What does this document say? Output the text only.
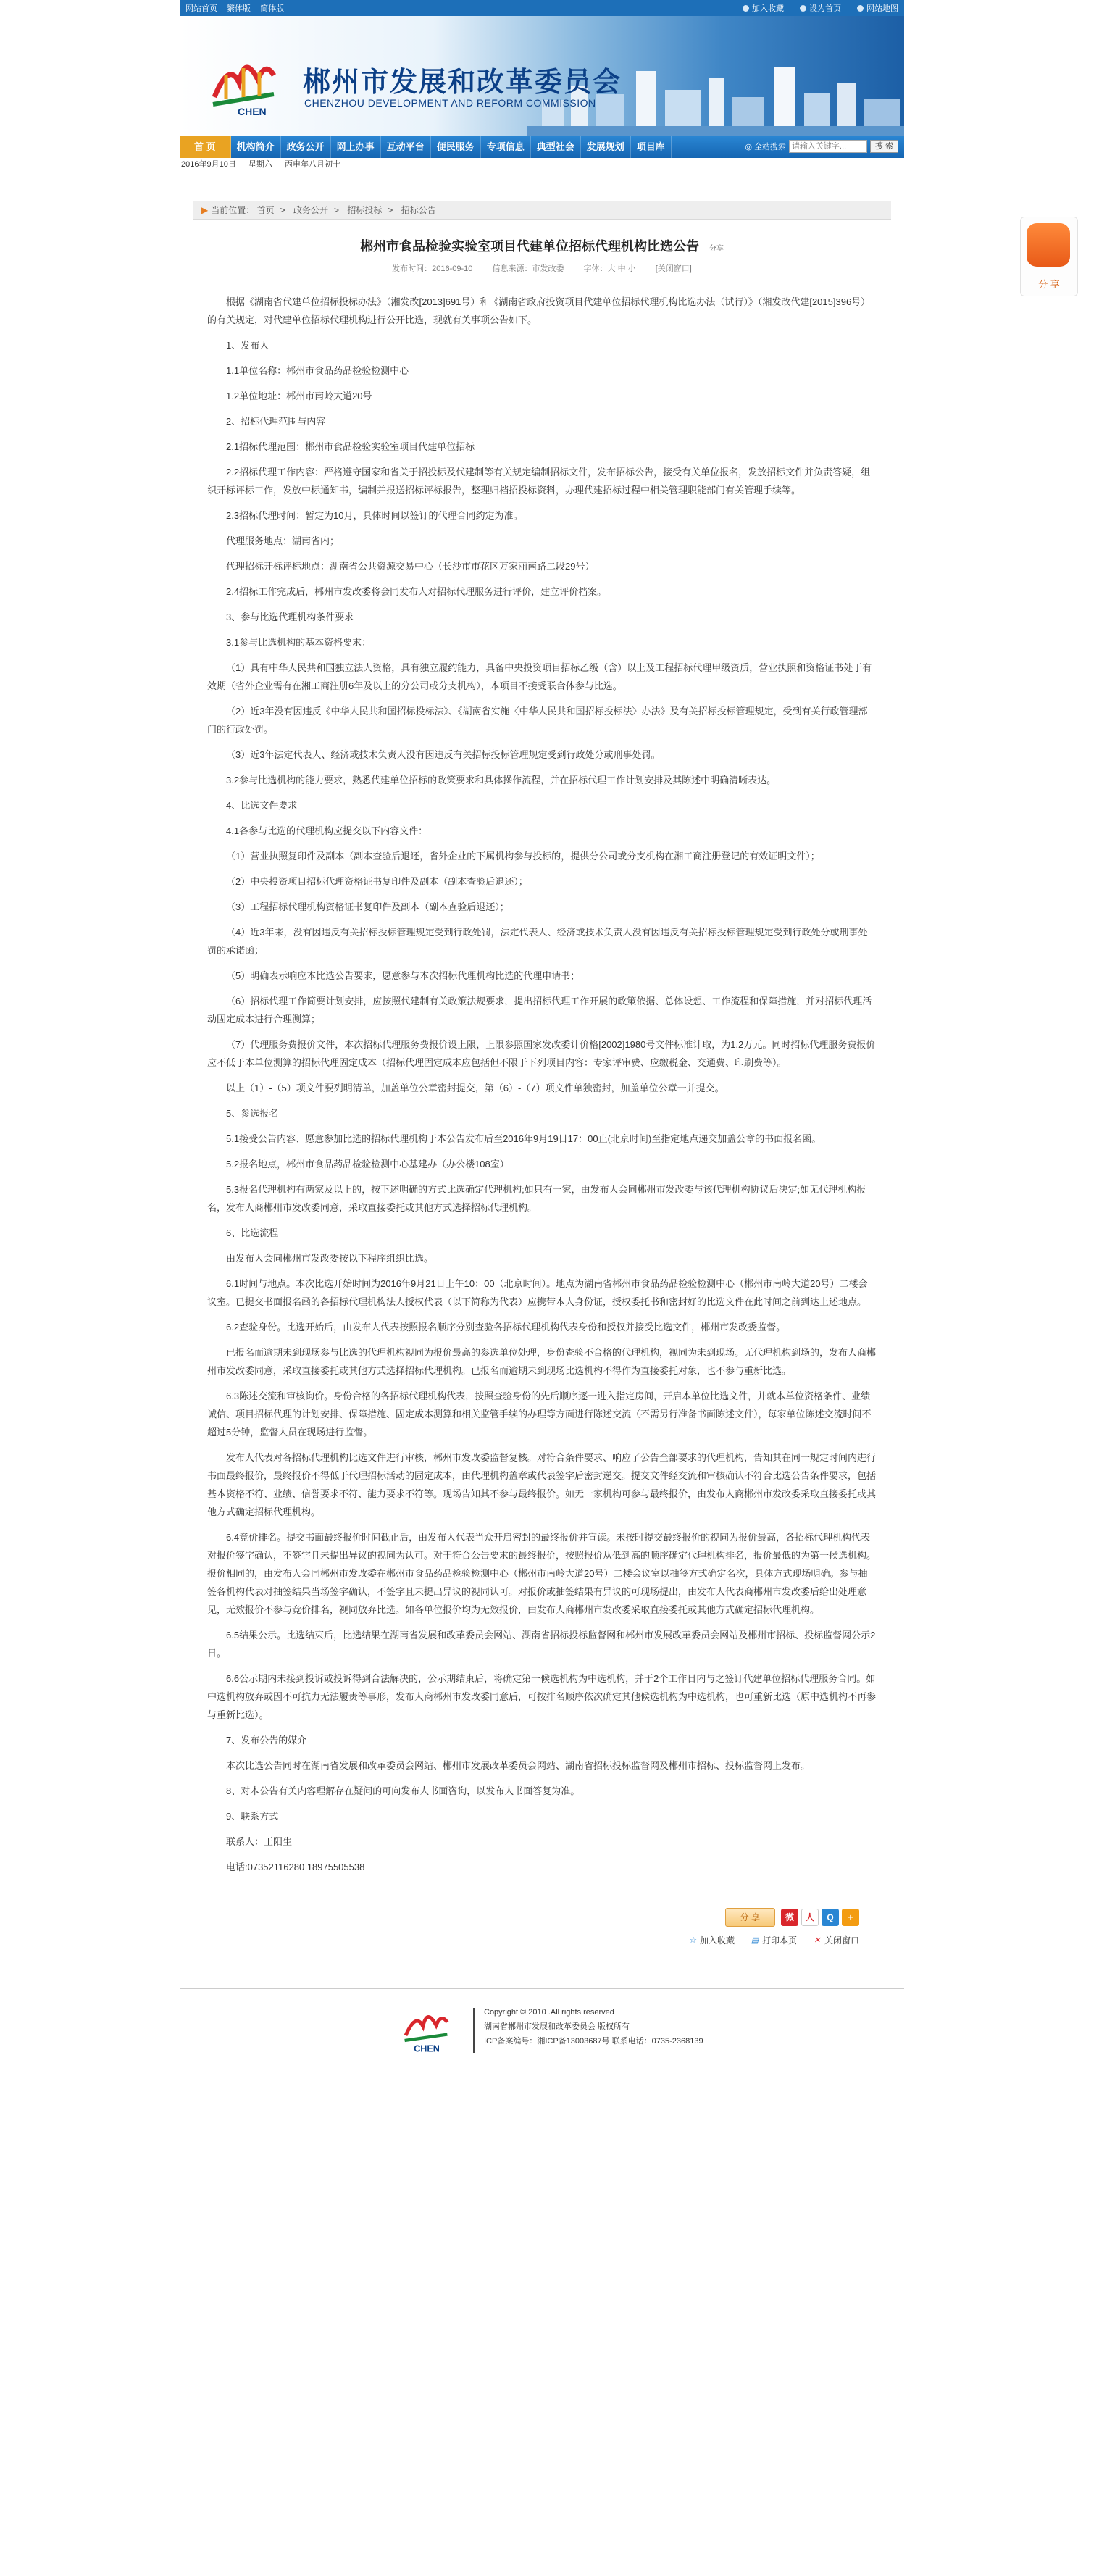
网站首页 繁体版 简体版	加入收藏	设为首页	网站地图
CHEN
郴州市发展和改革委员会
CHENZHOU DEVELOPMENT AND REFORM COMMISSION
首 页	机构简介	政务公开	网上办事	互动平台	便民服务	专项信息	典型社会	发展规划	项目库	◎ 全站搜索
请输入关键字...	搜 索
2016年9月10日 星期六 丙申年八月初十
▶ 当前位置： 首页 > 政务公开 > 招标投标 > 招标公告
郴州市食品检验实验室项目代建单位招标代理机构比选公告 分享
发布时间：2016-09-10 信息来源：市发改委 字体：大 中 小 [关闭窗口]

根据《湖南省代建单位招标投标办法》（湘发改[2013]691号）和《湖南省政府投资项目代建单位招标代理机构比选办法（试行）》（湘发改代建[2015]396号）的有关规定，对代建单位招标代理机构进行公开比选，现就有关事项公告如下。

1、发布人

1.1单位名称：郴州市食品药品检验检测中心

1.2单位地址：郴州市南岭大道20号

2、招标代理范围与内容

2.1招标代理范围：郴州市食品检验实验室项目代建单位招标

2.2招标代理工作内容：严格遵守国家和省关于招投标及代建制等有关规定编制招标文件，发布招标公告，接受有关单位报名，发放招标文件并负责答疑，组织开标评标工作，发放中标通知书，编制并报送招标评标报告，整理归档招投标资料，办理代建招标过程中相关管理职能部门有关管理手续等。

2.3招标代理时间：暂定为10月，具体时间以签订的代理合同约定为准。

代理服务地点：湖南省内；

代理招标开标评标地点：湖南省公共资源交易中心（长沙市市花区万家丽南路二段29号）

2.4招标工作完成后，郴州市发改委将会同发布人对招标代理服务进行评价，建立评价档案。

3、参与比选代理机构条件要求

3.1参与比选机构的基本资格要求：

（1）具有中华人民共和国独立法人资格，具有独立履约能力，具备中央投资项目招标乙级（含）以上及工程招标代理甲级资质，营业执照和资格证书处于有效期（省外企业需有在湘工商注册6年及以上的分公司或分支机构），本项目不接受联合体参与比选。

（2）近3年没有因违反《中华人民共和国招标投标法》、《湖南省实施〈中华人民共和国招标投标法〉办法》及有关招标投标管理规定，受到有关行政管理部门的行政处罚。

（3）近3年法定代表人、经济或技术负责人没有因违反有关招标投标管理规定受到行政处分或刑事处罚。

3.2参与比选机构的能力要求，熟悉代建单位招标的政策要求和具体操作流程，并在招标代理工作计划安排及其陈述中明确清晰表达。

4、比选文件要求

4.1各参与比选的代理机构应提交以下内容文件：

（1）营业执照复印件及副本（副本查验后退还，省外企业的下属机构参与投标的，提供分公司或分支机构在湘工商注册登记的有效证明文件）；

（2）中央投资项目招标代理资格证书复印件及副本（副本查验后退还）；

（3）工程招标代理机构资格证书复印件及副本（副本查验后退还）；

（4）近3年来，没有因违反有关招标投标管理规定受到行政处罚，法定代表人、经济或技术负责人没有因违反有关招标投标管理规定受到行政处分或刑事处罚的承诺函；

（5）明确表示响应本比选公告要求，愿意参与本次招标代理机构比选的代理申请书；

（6）招标代理工作简要计划安排，应按照代建制有关政策法规要求，提出招标代理工作开展的政策依据、总体设想、工作流程和保障措施，并对招标代理活动固定成本进行合理测算；

（7）代理服务费报价文件，本次招标代理服务费报价设上限，上限参照国家发改委计价格[2002]1980号文件标准计取，为1.2万元。同时招标代理服务费报价应不低于本单位测算的招标代理固定成本（招标代理固定成本应包括但不限于下列项目内容：专家评审费、应缴税金、交通费、印刷费等）。

以上（1）-（5）项文件要列明清单，加盖单位公章密封提交，第（6）-（7）项文件单独密封，加盖单位公章一并提交。

5、参选报名

5.1接受公告内容、愿意参加比选的招标代理机构于本公告发布后至2016年9月19日17：00止(北京时间)至指定地点递交加盖公章的书面报名函。

5.2报名地点，郴州市食品药品检验检测中心基建办（办公楼108室）

5.3报名代理机构有两家及以上的，按下述明确的方式比选确定代理机构;如只有一家，由发布人会同郴州市发改委与该代理机构协议后决定;如无代理机构报名，发布人商郴州市发改委同意，采取直接委托或其他方式选择招标代理机构。

6、比选流程

由发布人会同郴州市发改委按以下程序组织比选。

6.1时间与地点。本次比选开始时间为2016年9月21日上午10：00（北京时间）。地点为湖南省郴州市食品药品检验检测中心（郴州市南岭大道20号）二楼会议室。已提交书面报名函的各招标代理机构法人授权代表（以下简称为代表）应携带本人身份证，授权委托书和密封好的比选文件在此时间之前到达上述地点。

6.2查验身份。比选开始后，由发布人代表按照报名顺序分别查验各招标代理机构代表身份和授权并接受比选文件，郴州市发改委监督。

已报名而逾期未到现场参与比选的代理机构视同为报价最高的参选单位处理，身份查验不合格的代理机构，视同为未到现场。无代理机构到场的，发布人商郴州市发改委同意，采取直接委托或其他方式选择招标代理机构。已报名而逾期未到现场比选机构不得作为直接委托对象，也不参与重新比选。

6.3陈述交流和审核询价。身份合格的各招标代理机构代表，按照查验身份的先后顺序逐一进入指定房间，开启本单位比选文件，并就本单位资格条件、业绩诚信、项目招标代理的计划安排、保障措施、固定成本测算和相关监管手续的办理等方面进行陈述交流（不需另行准备书面陈述文件），每家单位陈述交流时间不超过5分钟，监督人员在现场进行监督。

发布人代表对各招标代理机构比选文件进行审核，郴州市发改委监督复核。对符合条件要求、响应了公告全部要求的代理机构，告知其在同一规定时间内进行书面最终报价，最终报价不得低于代理招标活动的固定成本，由代理机构盖章或代表签字后密封递交。提交文件经交流和审核确认不符合比选公告条件要求，包括基本资格不符、业绩、信誉要求不符、能力要求不符等。现场告知其不参与最终报价。如无一家机构可参与最终报价，由发布人商郴州市发改委采取直接委托或其他方式确定招标代理机构。

6.4竞价排名。提交书面最终报价时间截止后，由发布人代表当众开启密封的最终报价并宣读。未按时提交最终报价的视同为报价最高，各招标代理机构代表对报价签字确认，不签字且未提出异议的视同为认可。对于符合公告要求的最终报价，按照报价从低到高的顺序确定代理机构排名，报价最低的为第一候选机构。报价相同的，由发布人会同郴州市发改委在郴州市食品药品检验检测中心（郴州市南岭大道20号）二楼会议室以抽签方式确定名次，具体方式现场明确。参与抽签各机构代表对抽签结果当场签字确认，不签字且未提出异议的视同认可。对报价或抽签结果有异议的可现场提出，由发布人代表商郴州市发改委后给出处理意见，无效报价不参与竞价排名，视同放弃比选。如各单位报价均为无效报价，由发布人商郴州市发改委采取直接委托或其他方式确定招标代理机构。

6.5结果公示。比选结束后，比选结果在湖南省发展和改革委员会网站、湖南省招标投标监督网和郴州市发展改革委员会网站及郴州市招标、投标监督网公示2日。

6.6公示期内未接到投诉或投诉得到合法解决的，公示期结束后，将确定第一候选机构为中选机构，并于2个工作日内与之签订代建单位招标代理服务合同。如中选机构放弃或因不可抗力无法履责等事形，发布人商郴州市发改委同意后，可按排名顺序依次确定其他候选机构为中选机构，也可重新比选（原中选机构不再参与重新比选）。

7、发布公告的媒介

本次比选公告同时在湖南省发展和改革委员会网站、郴州市发展改革委员会网站、湖南省招标投标监督网及郴州市招标、投标监督网上发布。

8、对本公告有关内容理解存在疑问的可向发布人书面咨询，以发布人书面答复为准。

9、联系方式

联系人：王阳生

电话:07352116280 18975505538

分 享	微	人	Q	+
☆ 加入收藏 ▤ 打印本页 ✕ 关闭窗口
CHEN
Copyright © 2010 .All rights reserved
湖南省郴州市发展和改革委员会 版权所有
ICP备案编号：湘ICP备13003687号 联系电话：0735-2368139
分 享
